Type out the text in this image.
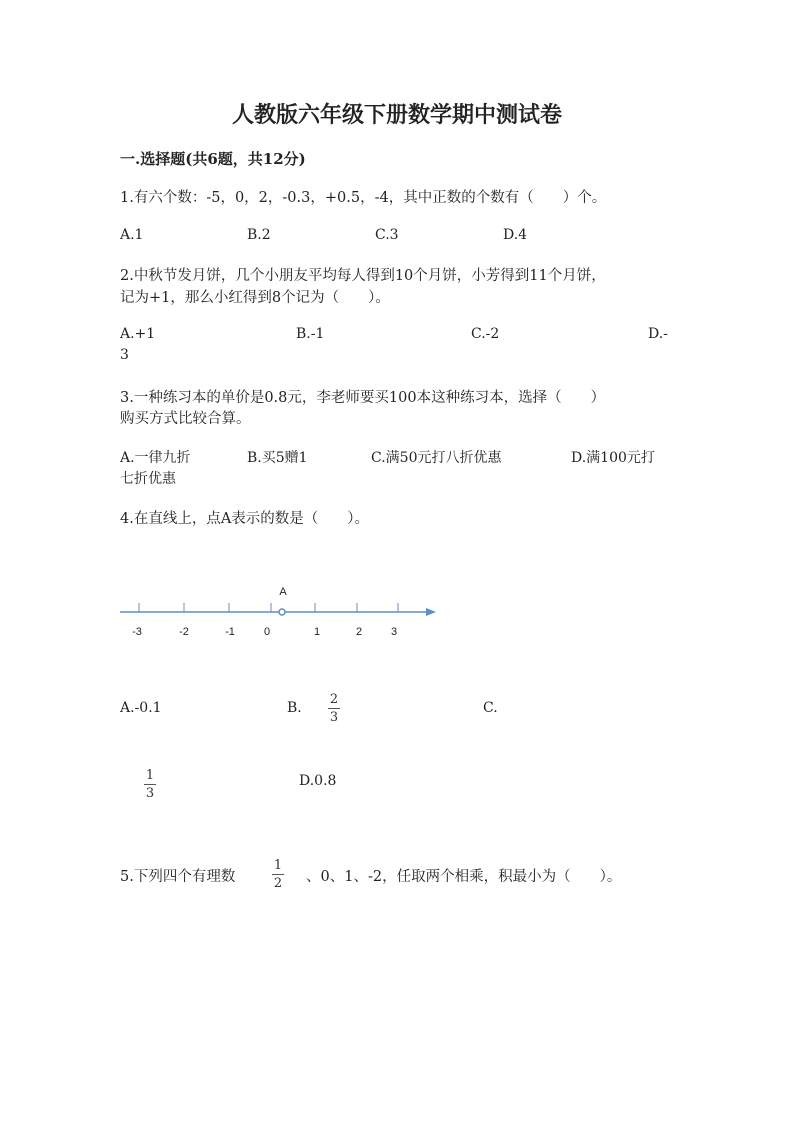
人教版六年级下册数学期中测试卷
一.选择题(共6题，共12分)
1.有六个数：-5，0，2，-0.3，+0.5，-4，其中正数的个数有（　　）个。
A.1	B.2	C.3	D.4
2.中秋节发月饼，几个小朋友平均每人得到10个月饼，小芳得到11个月饼，
记为+1，那么小红得到8个记为（　　）。
A.+1	B.-1	C.-2	D.-
3
3.一种练习本的单价是0.8元，李老师要买100本这种练习本，选择（　　）
购买方式比较合算。
A.一律九折	B.买5赠1	C.满50元打八折优惠	D.满100元打
七折优惠
4.在直线上，点A表示的数是（　　）。
A
-3	-2	-1	0	1	2	3
A.-0.1	B.
2
3
C.
1
3
D.0.8
5.下列四个有理数
1
2 、0、1、-2，任取两个相乘，积最小为（　　）。
